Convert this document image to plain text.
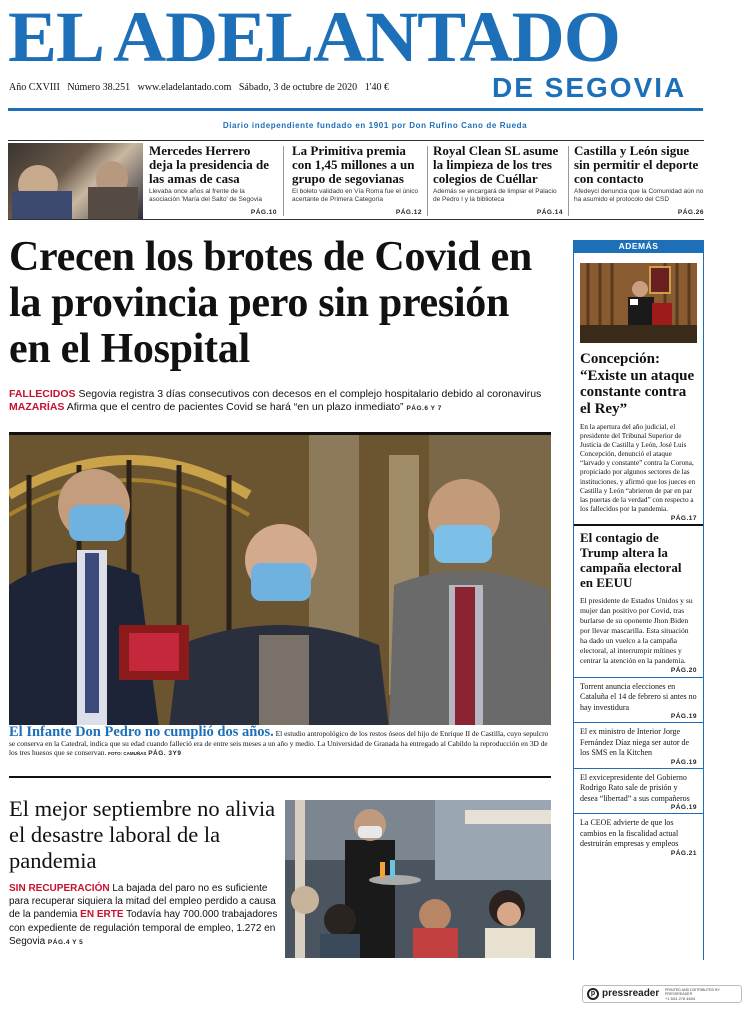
EL ADELANTADO
Año CXVIII Número 38.251 www.eladelantado.com Sábado, 3 de octubre de 2020 1'40 €	DE SEGOVIA
Diario independiente fundado en 1901 por Don Rufino Cano de Rueda
Mercedes Herrero deja la presidencia de las amas de casa
Llevaba once años al frente de la asociación 'María del Salto' de Segovia
PÁG.10
La Primitiva premia con 1,45 millones a un grupo de segovianas
El boleto validado en Vía Roma fue el único acertante de Primera Categoría
PÁG.12
Royal Clean SL asume la limpieza de los tres colegios de Cuéllar
Además se encargará de limpiar el Palacio de Pedro I y la biblioteca
PÁG.14
Castilla y León sigue sin permitir el deporte con contacto
Afedeyci denuncia que la Comunidad aún no ha asumido el protocolo del CSD
PÁG.26
Crecen los brotes de Covid en la provincia pero sin presión en el Hospital
FALLECIDOS Segovia registra 3 días consecutivos con decesos en el complejo hospitalario debido al coronavirus MAZARÍAS Afirma que el centro de pacientes Covid se hará “en un plazo inmediato” PÁG.6 Y 7
El Infante Don Pedro no cumplió dos años. El estudio antropológico de los restos óseos del hijo de Enrique II de Castilla, cuyo sepulcro se conserva en la Catedral, indica que su edad cuando falleció era de entre seis meses a un año y medio. La Universidad de Granada ha entregado al Cabildo la reproducción en 3D de los tres huesos que se conservan. FOTO: CAMUÑAS PÁG. 3Y9
El mejor septiembre no alivia el desastre laboral de la pandemia
SIN RECUPERACIÓN La bajada del paro no es suficiente para recuperar siquiera la mitad del empleo perdido a causa de la pandemia EN ERTE Todavía hay 700.000 trabajadores con expediente de regulación temporal de empleo, 1.272 en Segovia PÁG.4 Y 5
ADEMÁS
Concepción: “Existe un ataque constante contra el Rey”
En la apertura del año judicial, el presidente del Tribunal Superior de Justicia de Castilla y León, José Luis Concepción, denunció el ataque “larvado y constante” contra la Corona, propiciado por algunos sectores de las instituciones, y afirmó que los jueces en Castilla y León “abrieron de par en par las puertas de la verdad” con respecto a los fallecidos por la pandemia.
PÁG.17
El contagio de Trump altera la campaña electoral en EEUU
El presidente de Estados Unidos y su mujer dan positivo por Covid, tras burlarse de su oponente Jhon Biden por llevar mascarilla. Esta situación ha dado un vuelco a la campaña electoral, al interrumpir mítines y centrar la atención en la pandemia.
PÁG.20
Torrent anuncia elecciones en Cataluña el 14 de febrero si antes no hay investidura
PÁG.19
El ex ministro de Interior Jorge Fernández Díaz niega ser autor de los SMS en la Kitchen
PÁG.19
El exvicepresidente del Gobierno Rodrigo Rato sale de prisión y desea “libertad” a sus compañeros
PÁG.19
La CEOE advierte de que los cambios en la fiscalidad actual destruirán empresas y empleos
PÁG.21
p pressreader PRINTED AND DISTRIBUTED BY PRESSREADER
+1 604 278 4604
